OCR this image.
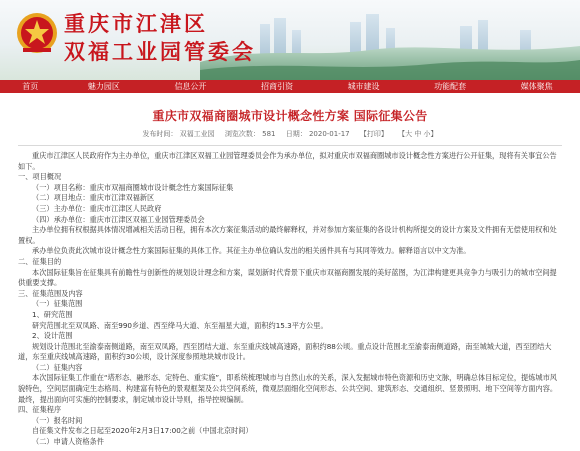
重庆市江津区
双福工业园管委会
首页	魅力园区	信息公开	招商引资	城市建设	功能配套	媒体聚焦
重庆市双福商圈城市设计概念性方案 国际征集公告
发布时间： 双福工业园 浏览次数： 581 日期： 2020-01-17 【打印】 【大 中 小】

重庆市江津区人民政府作为主办单位，重庆市江津区双福工业园管理委员会作为承办单位，拟对重庆市双福商圈城市设计概念性方案进行公开征集，现将有关事宜公告如下。

一、项目概况

（一）项目名称：重庆市双福商圈城市设计概念性方案国际征集

（二）项目地点：重庆市江津双福新区

（三）主办单位：重庆市江津区人民政府

（四）承办单位：重庆市江津区双福工业园管理委员会

主办单位拥有权根据具体情况增减相关活动日程，拥有本次方案征集活动的最终解释权，并对参加方案征集的各设计机构所提交的设计方案及文件拥有无偿使用权和处置权。

承办单位负责此次城市设计概念性方案国际征集的具体工作。其征主办单位确认发出的相关函件具有与其同等效力。解释语言以中文为准。

二、征集目的

本次国际征集旨在征集具有前瞻性与创新性的规划设计理念和方案，谋划新时代背景下重庆市双福商圈发展的美好蓝图，为江津构建更具竞争力与吸引力的城市空间提供重要支撑。

三、征集范围及内容

（一）征集范围

1、研究范围

研究范围北至双凤路、南至990乡道、西至绛马大道、东至福星大道，面积约15.3平方公里。

2、设计范围

规划设计范围北至渝泰南侧道路，南至双凤路，西至团结大道、东至重庆线城高速路，面积约88公顷。重点设计范围北至渝泰南侧道路，南至城城大道，西至团结大道，东至重庆线城高速路，面积约30公顷，设计深度参照地块城市设计。

（二）征集内容

本次国际征集工作重在“塔形态、融形态、定特色、重实施”，即系统梳理城市与自然山水的关系，深入发掘城市特色资源和历史文脉，明确总体目标定位，提炼城市风貌特色，空间层面确定生态格局、构建富有特色的景观框架及公共空间系统，微观层面细化空间形态、公共空间、建筑形态、交通组织、竖景照明、地下空间等方面内容。最终，提出面向可实施的控制要求，制定城市设计导则，指导控规编制。

四、征集程序

（一）报名时间

自征集文件发布之日起至2020年2月3日17:00之前（中国北京时间）

（二）申请人资格条件
